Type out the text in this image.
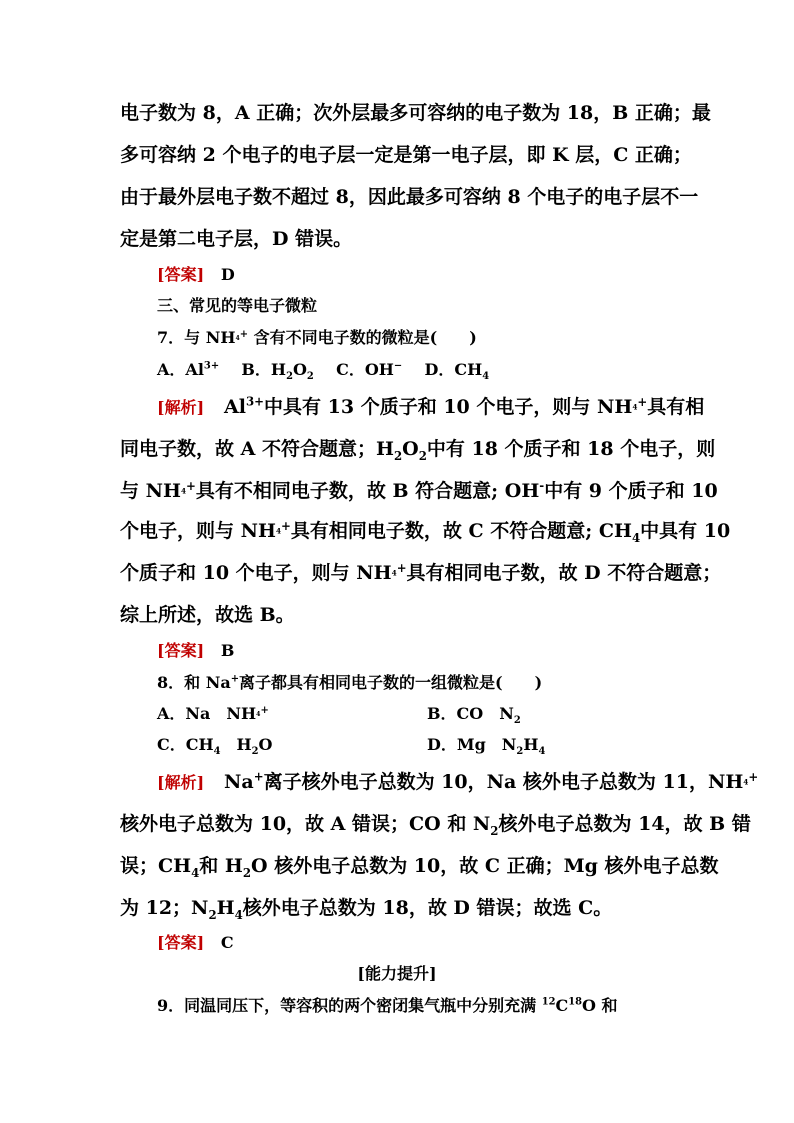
电子数为 8，A 正确；次外层最多可容纳的电子数为 18，B 正确；最
多可容纳 2 个电子的电子层一定是第一电子层，即 K 层，C 正确；
由于最外层电子数不超过 8，因此最多可容纳 8 个电子的电子层不一
定是第二电子层，D 错误。
[答案] D
三、常见的等电子微粒
7．与 $NH^{_4+}$ 含有不同电子数的微粒是(　　)
A．$Al^{3+}$ B．$H_2O_2$ C．OH− D．$CH_4$
[解析] $Al^{3+}$中具有 13 个质子和 10 个电子，则与 $NH^{_4+}$具有相
同电子数，故 A 不符合题意；$H_2O_2$中有 18 个质子和 18 个电子，则
与 $NH^{_4+}$具有不相同电子数，故 B 符合题意; OH-中有 9 个质子和 10
个电子，则与 $NH^{_4+}$具有相同电子数，故 C 不符合题意; $CH_4$中具有 10
个质子和 10 个电子，则与 $NH^{_4+}$具有相同电子数，故 D 不符合题意；
综上所述，故选 B。
[答案] B
8．和 Na+离子都具有相同电子数的一组微粒是(　　)
A．Na　$NH^{_4+}$	B．CO　$N_2$
C．$CH_4$　$H_2O$	D．Mg　$N_2H_4$
[解析] Na+离子核外电子总数为 10，Na 核外电子总数为 11，$NH^{_4+}$
核外电子总数为 10，故 A 错误；CO 和 $N_2$核外电子总数为 14，故 B 错
误；$CH_4$和 $H_2O$ 核外电子总数为 10，故 C 正确；Mg 核外电子总数
为 12；$N_2H_4$核外电子总数为 18，故 D 错误；故选 C。
[答案] C
[能力提升]
9．同温同压下，等容积的两个密闭集气瓶中分别充满 $^{12}C^{18}O$ 和
